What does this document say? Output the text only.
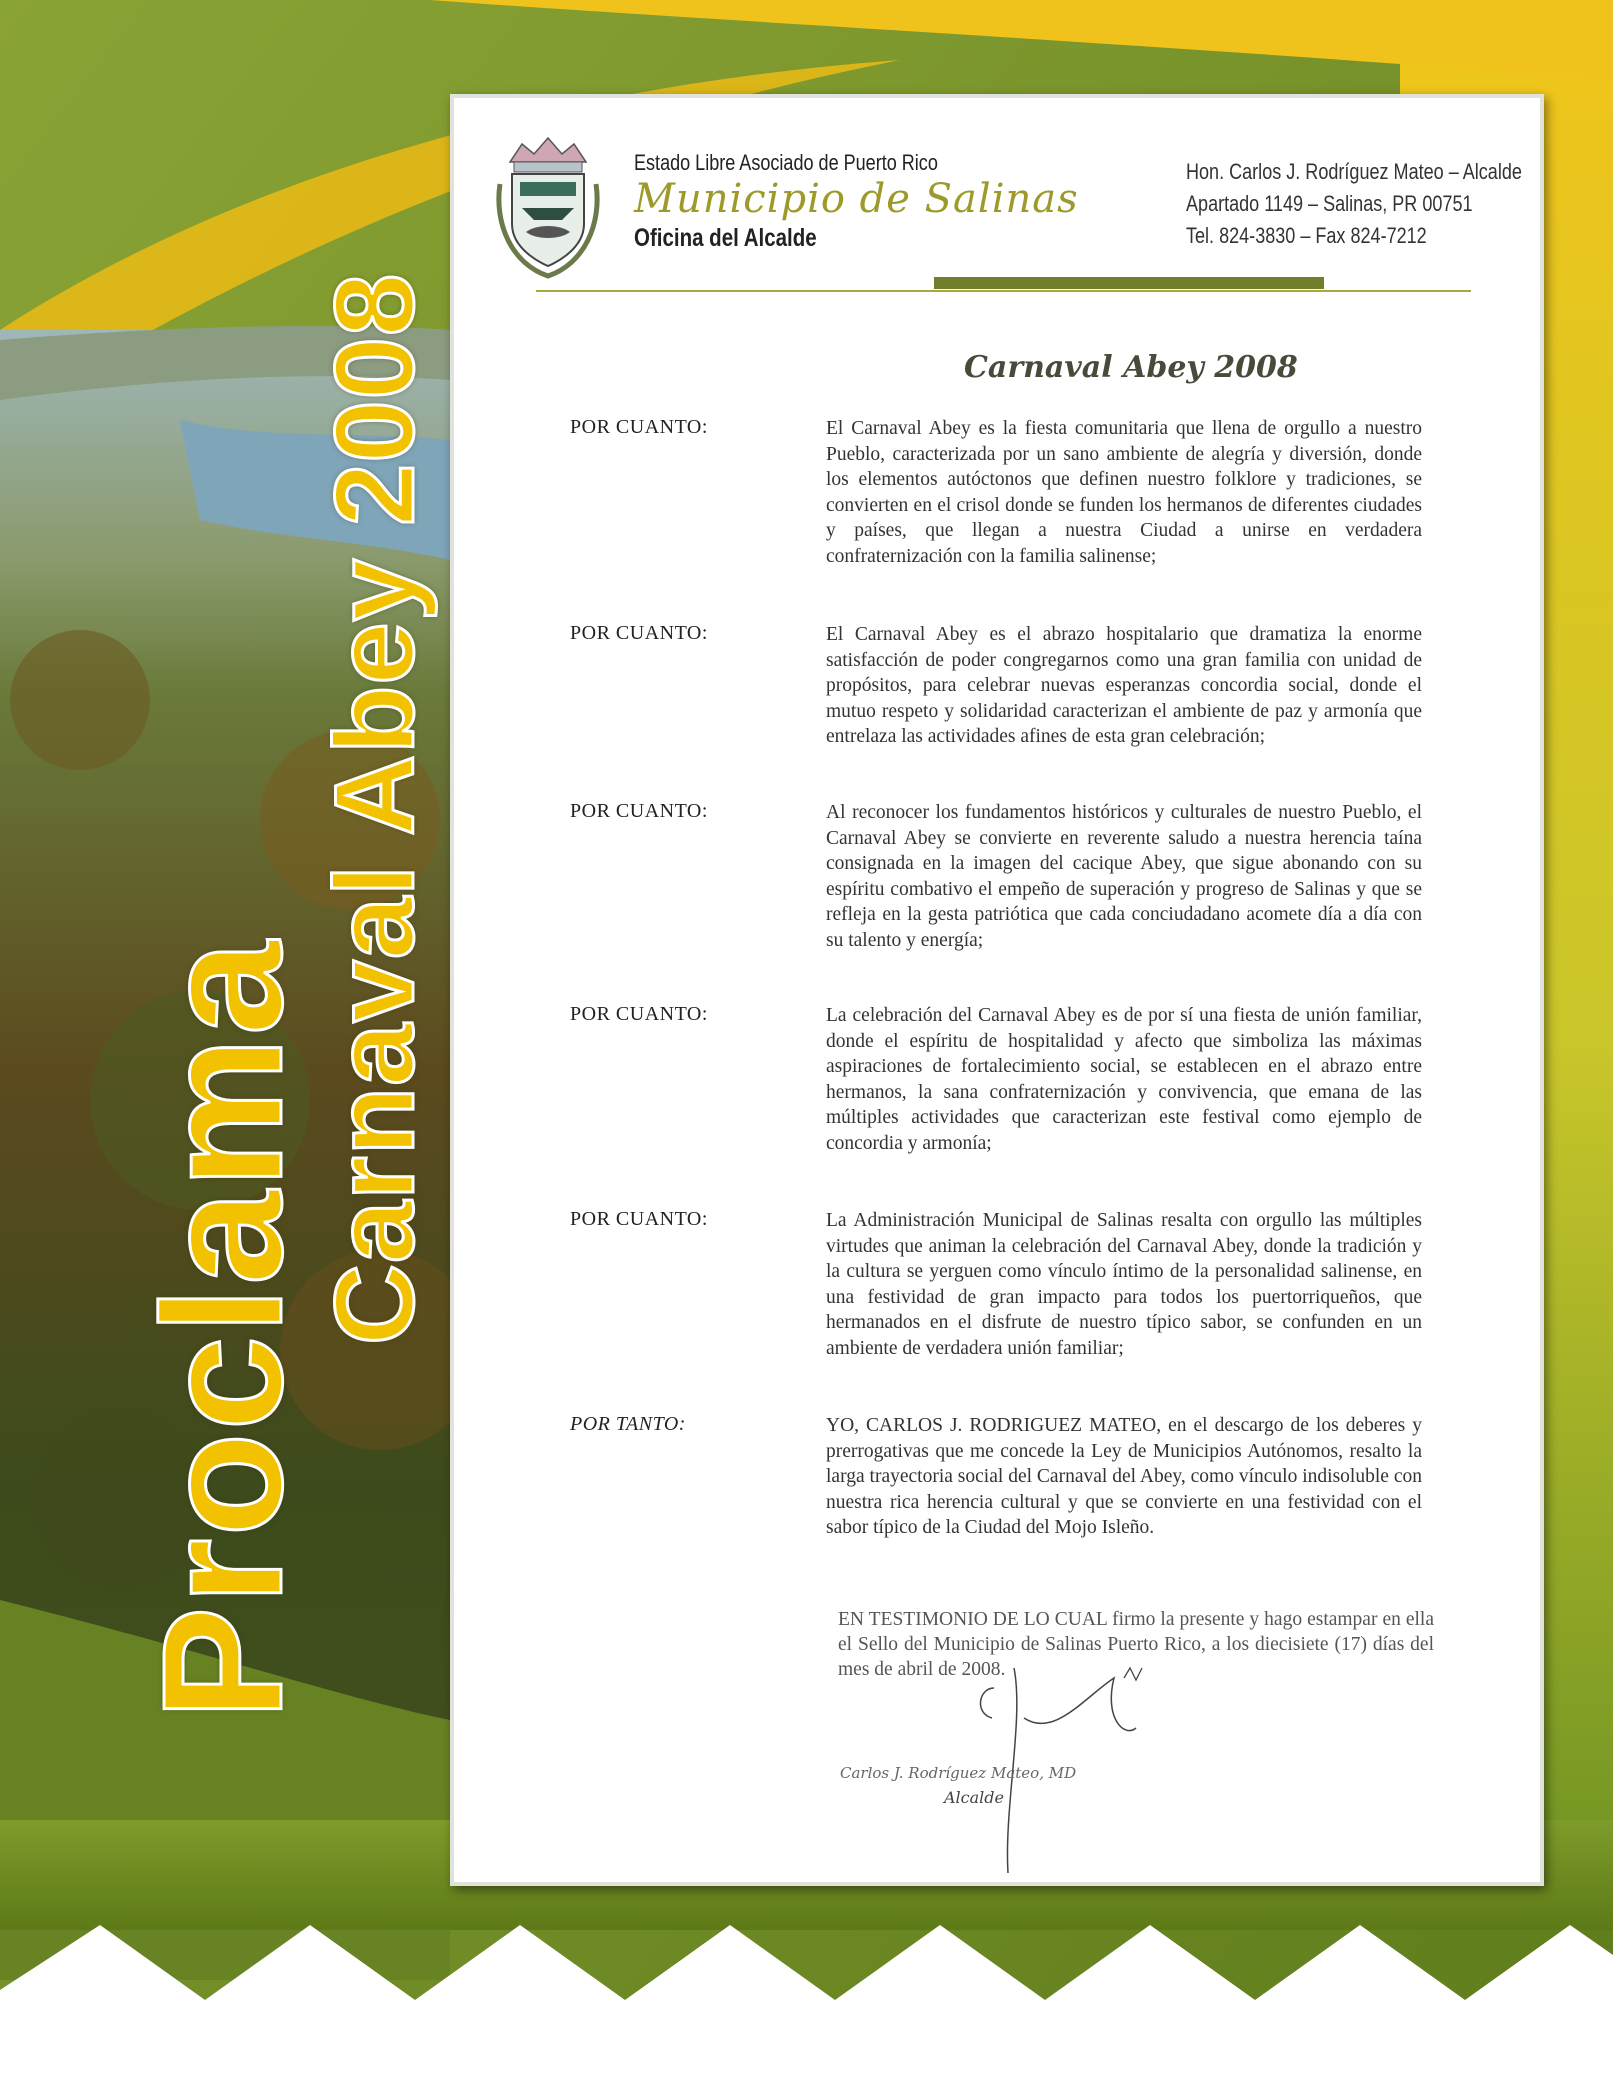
Proclama
Carnaval Abey 2008
Estado Libre Asociado de Puerto Rico
Municipio de Salinas
Oficina del Alcalde
Hon. Carlos J. Rodríguez Mateo – Alcalde
Apartado 1149 – Salinas, PR 00751
Tel. 824-3830 – Fax 824-7212
Carnaval Abey 2008
POR CUANTO:	El Carnaval Abey es la fiesta comunitaria que llena de orgullo a nuestro Pueblo, caracterizada por un sano ambiente de alegría y diversión, donde los elementos autóctonos que definen nuestro folklore y tradiciones, se convierten en el crisol donde se funden los hermanos de diferentes ciudades y países, que llegan a nuestra Ciudad a unirse en verdadera confraternización con la familia salinense;
POR CUANTO:	El Carnaval Abey es el abrazo hospitalario que dramatiza la enorme satisfacción de poder congregarnos como una gran familia con unidad de propósitos, para celebrar nuevas esperanzas concordia social, donde el mutuo respeto y solidaridad caracterizan el ambiente de paz y armonía que entrelaza las actividades afines de esta gran celebración;
POR CUANTO:	Al reconocer los fundamentos históricos y culturales de nuestro Pueblo, el Carnaval Abey se convierte en reverente saludo a nuestra herencia taína consignada en la imagen del cacique Abey, que sigue abonando con su espíritu combativo el empeño de superación y progreso de Salinas y que se refleja en la gesta patriótica que cada conciudadano acomete día a día con su talento y energía;
POR CUANTO:	La celebración del Carnaval Abey es de por sí una fiesta de unión familiar, donde el espíritu de hospitalidad y afecto que simboliza las máximas aspiraciones de fortalecimiento social, se establecen en el abrazo entre hermanos, la sana confraternización y convivencia, que emana de las múltiples actividades que caracterizan este festival como ejemplo de concordia y armonía;
POR CUANTO:	La Administración Municipal de Salinas resalta con orgullo las múltiples virtudes que animan la celebración del Carnaval Abey, donde la tradición y la cultura se yerguen como vínculo íntimo de la personalidad salinense, en una festividad de gran impacto para todos los puertorriqueños, que hermanados en el disfrute de nuestro típico sabor, se confunden en un ambiente de verdadera unión familiar;
POR TANTO:	YO, CARLOS J. RODRIGUEZ MATEO, en el descargo de los deberes y prerrogativas que me concede la Ley de Municipios Autónomos, resalto la larga trayectoria social del Carnaval del Abey, como vínculo indisoluble con nuestra rica herencia cultural y que se convierte en una festividad con el sabor típico de la Ciudad del Mojo Isleño.
EN TESTIMONIO DE LO CUAL firmo la presente y hago estampar en ella el Sello del Municipio de Salinas Puerto Rico, a los diecisiete (17) días del mes de abril de 2008.
Carlos J. Rodríguez Mateo, MD
Alcalde
